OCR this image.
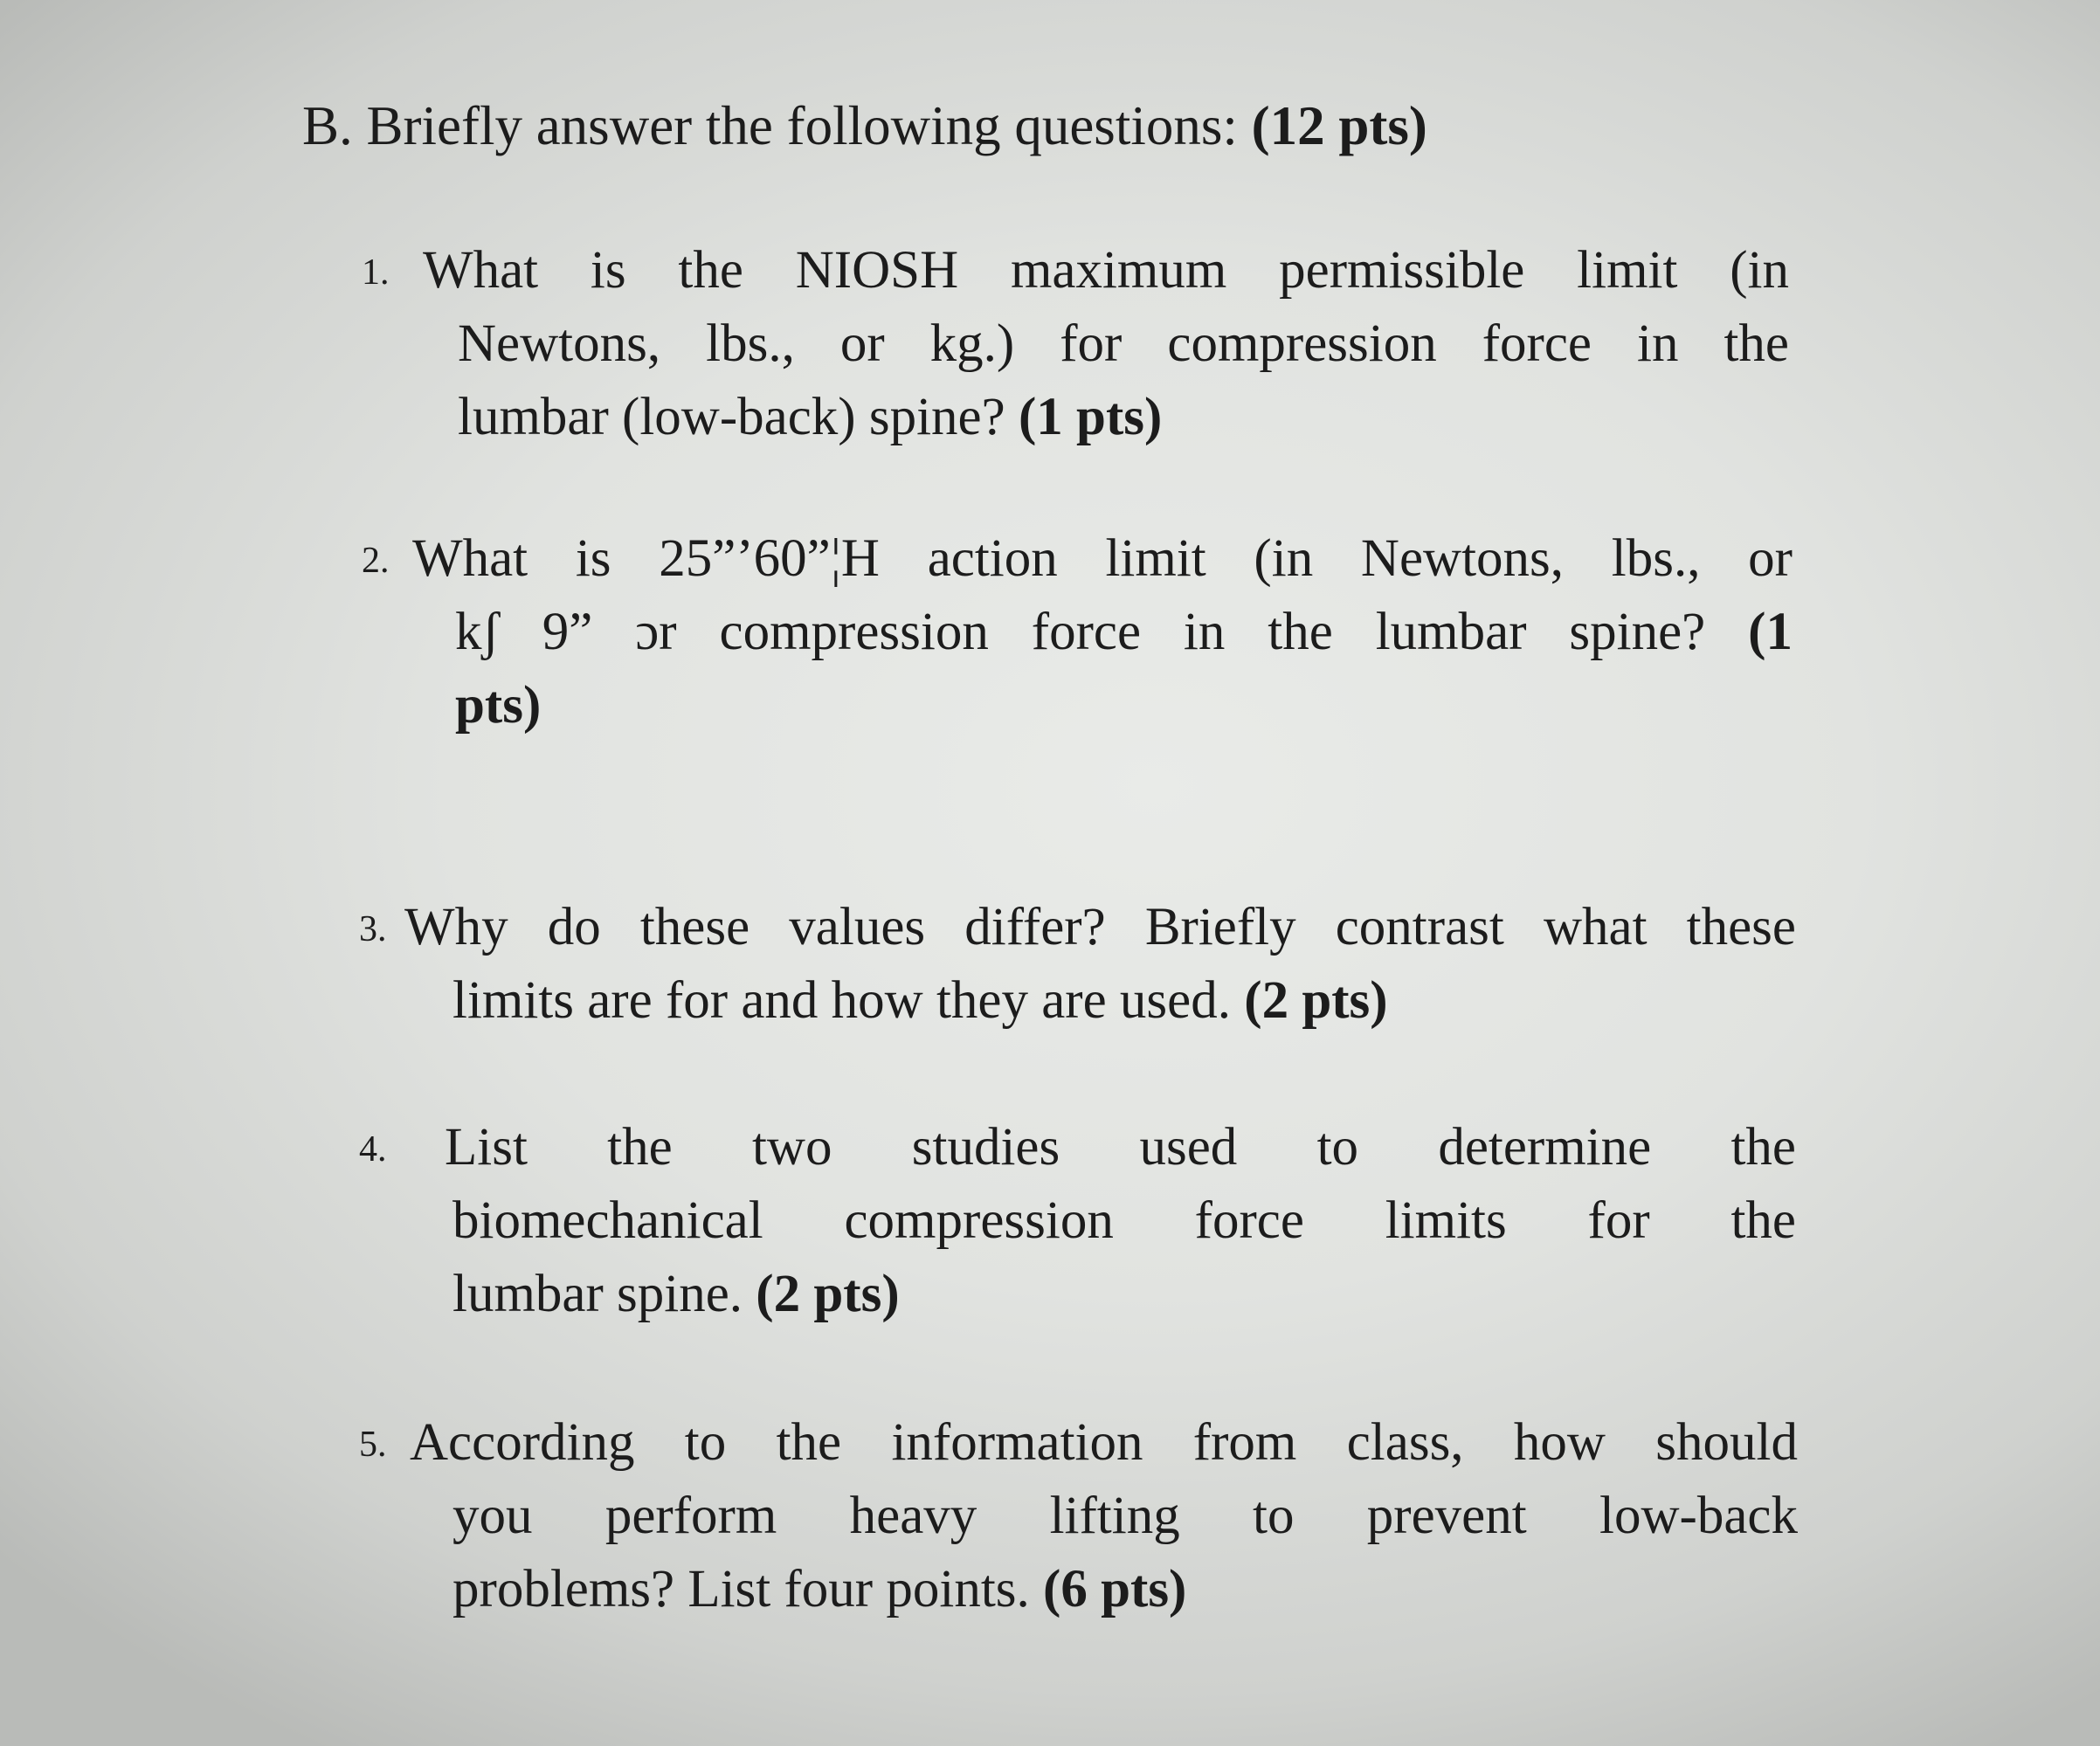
B. Briefly answer the following questions: (12 pts)
1. What is the NIOSH maximum permissible limit (in
Newtons, lbs., or kg.) for compression force in the
lumbar (low-back) spine? (1 pts)
2. What is 25”ʼ60”¦H action limit (in Newtons, lbs., or
kʃ 9” ɔr compression force in the lumbar spine? (1
pts)
3. Why do these values differ? Briefly contrast what these
limits are for and how they are used. (2 pts)
4. List the two studies used to determine the
biomechanical compression force limits for the
lumbar spine. (2 pts)
5. According to the information from class, how should
you perform heavy lifting to prevent low-back
problems? List four points. (6 pts)
